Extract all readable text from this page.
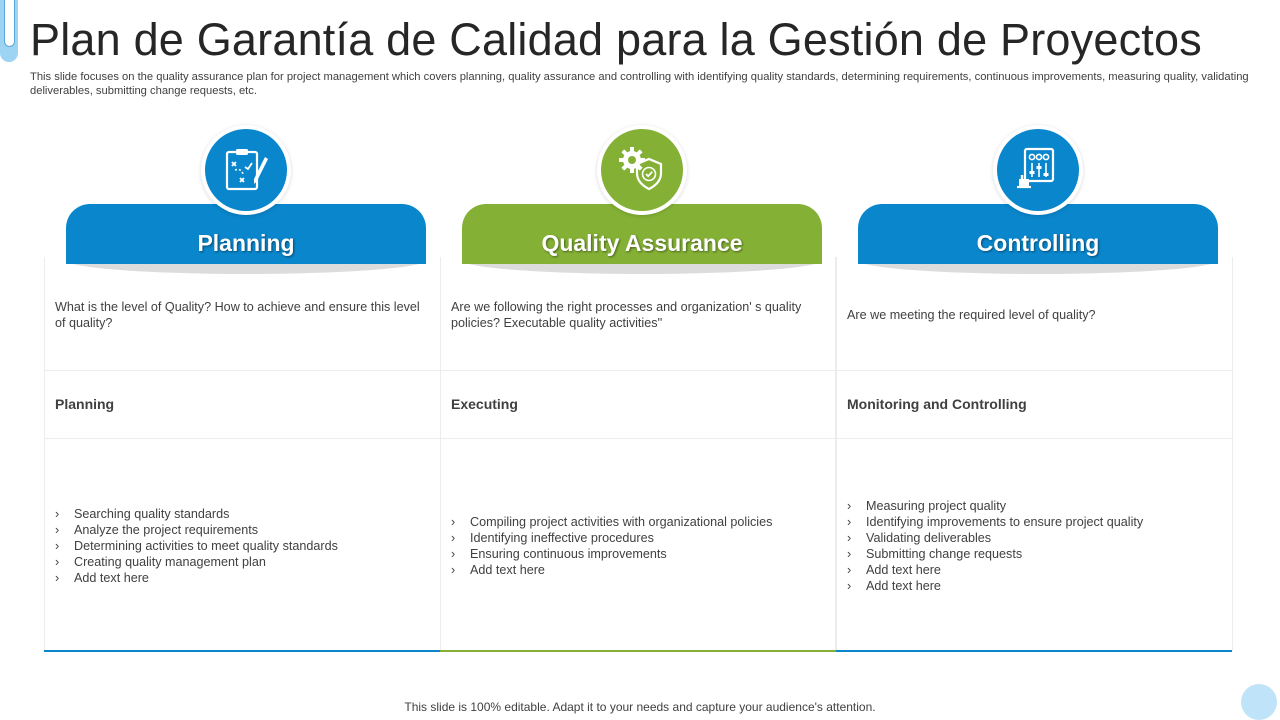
Plan de Garantía de Calidad para la Gestión de Proyectos
This slide focuses on the quality assurance plan for project management which covers planning, quality assurance and controlling with identifying quality standards, determining requirements, continuous improvements, measuring quality, validating deliverables, submitting change requests, etc.
Planning
What is the level of Quality? How to achieve and ensure this level of quality?
Planning
› Searching quality standards
› Analyze the project requirements
› Determining activities to meet quality standards
› Creating quality management plan
› Add text here
Quality Assurance
Are we following the right processes and organization' s quality policies? Executable quality activities''
Executing
› Compiling project activities with organizational policies
› Identifying ineffective procedures
› Ensuring continuous improvements
› Add text here
Controlling
Are we meeting the required level of quality?
Monitoring and Controlling
› Measuring project quality
› Identifying improvements to ensure project quality
› Validating deliverables
› Submitting change requests
› Add text here
› Add text here
This slide is 100% editable. Adapt it to your needs and capture your audience's attention.
